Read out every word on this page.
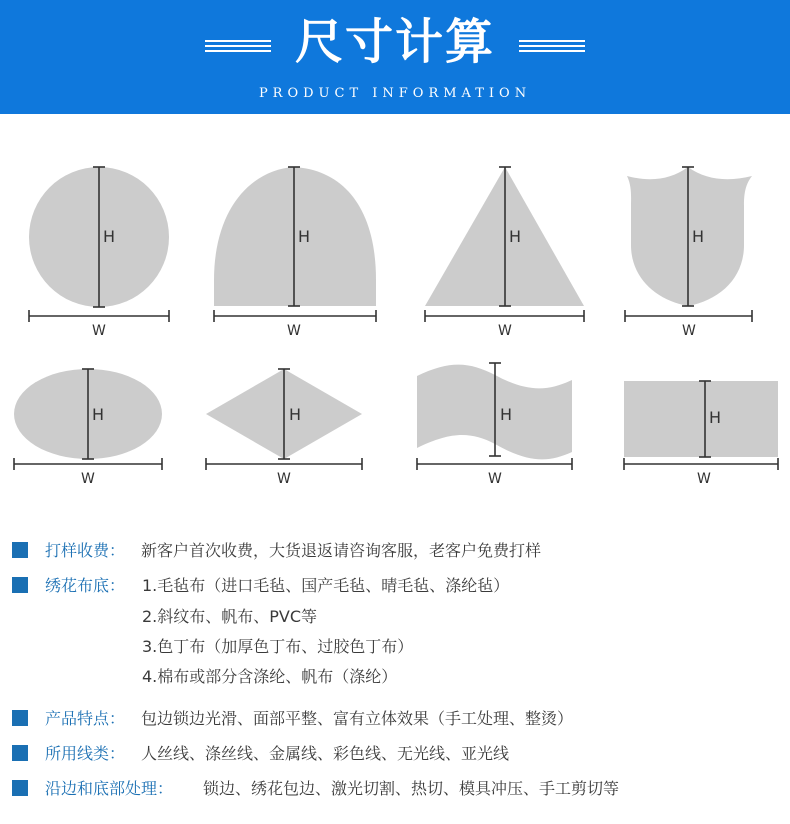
尺寸计算
PRODUCT INFORMATION
H
W
H
W
H
W
H
W
H
W
H
W
H
W
H
W
打样收费： 新客户首次收费，大货退返请咨询客服，老客户免费打样
绣花布底： 1.毛毡布（进口毛毡、国产毛毡、晴毛毡、涤纶毡）
2.斜纹布、帆布、PVC等
3.色丁布（加厚色丁布、过胶色丁布）
4.棉布或部分含涤纶、帆布（涤纶）
产品特点： 包边锁边光滑、面部平整、富有立体效果（手工处理、整烫）
所用线类： 人丝线、涤丝线、金属线、彩色线、无光线、亚光线
沿边和底部处理： 锁边、绣花包边、激光切割、热切、模具冲压、手工剪切等
